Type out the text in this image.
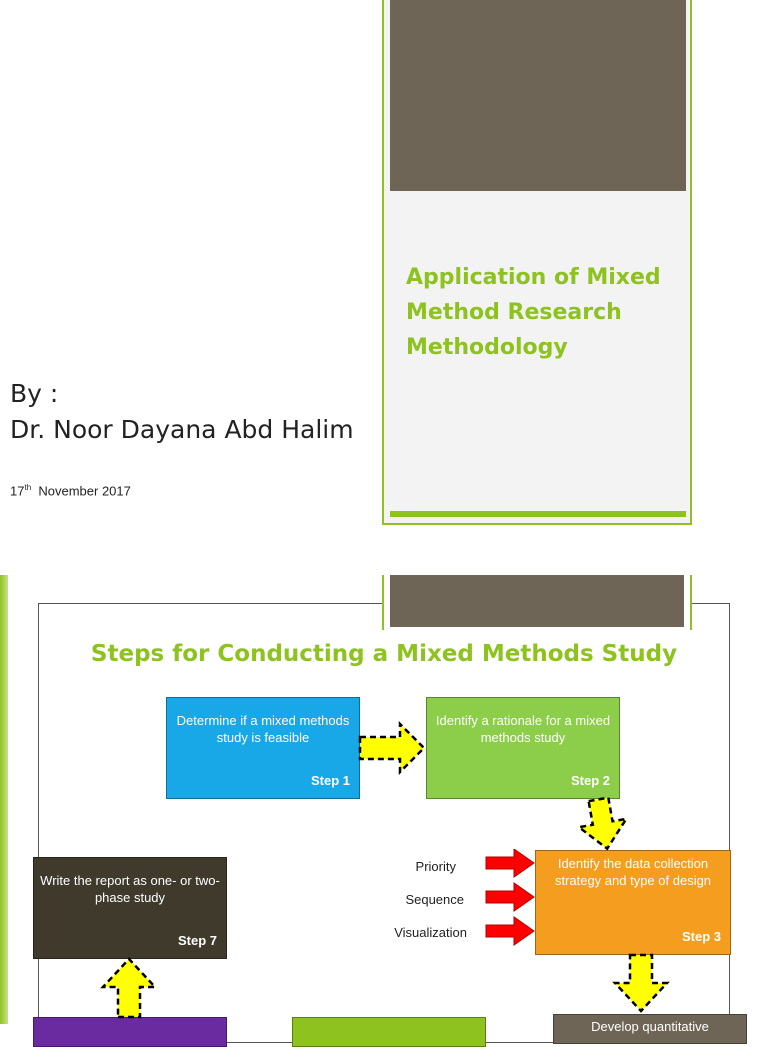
Application of Mixed Method Research Methodology
By :
Dr. Noor Dayana Abd Halim
17th November 2017
Steps for Conducting a Mixed Methods Study
Determine if a mixed methods study is feasible
Step 1
Identify a rationale for a mixed methods study
Step 2
Identify the data collection strategy and type of design
Step 3
Write the report as one- or two-phase study
Step 7
Develop quantitative
Priority
Sequence
Visualization
